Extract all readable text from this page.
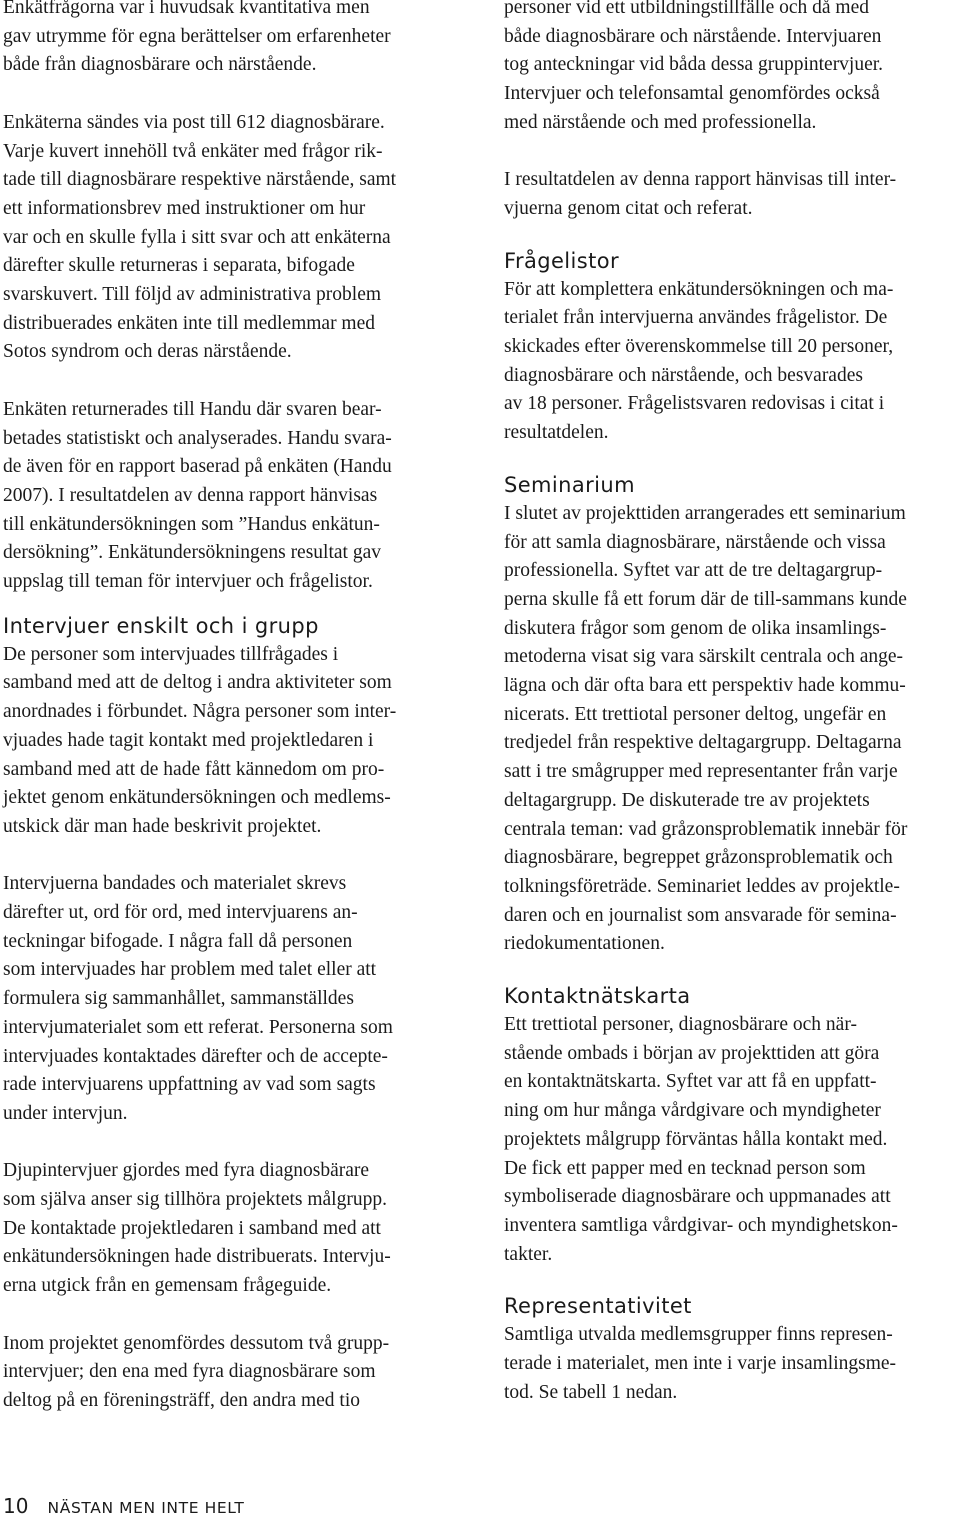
Enkätfrågorna var i huvudsak kvantitativa men
gav utrymme för egna berättelser om erfarenheter
både från diagnosbärare och närstående.

Enkäterna sändes via post till 612 diagnosbärare.
Varje kuvert innehöll två enkäter med frågor rik-
tade till diagnosbärare respektive närstående, samt
ett informationsbrev med instruktioner om hur
var och en skulle fylla i sitt svar och att enkäterna
därefter skulle returneras i separata, bifogade
svarskuvert. Till följd av administrativa problem
distribuerades enkäten inte till medlemmar med
Sotos syndrom och deras närstående.

Enkäten returnerades till Handu där svaren bear-
betades statistiskt och analyserades. Handu svara-
de även för en rapport baserad på enkäten (Handu
2007). I resultatdelen av denna rapport hänvisas
till enkätundersökningen som ”Handus enkätun-
dersökning”. Enkätundersökningens resultat gav
uppslag till teman för intervjuer och frågelistor.

Intervjuer enskilt och i grupp

De personer som intervjuades tillfrågades i
samband med att de deltog i andra aktiviteter som
anordnades i förbundet. Några personer som inter-
vjuades hade tagit kontakt med projektledaren i
samband med att de hade fått kännedom om pro-
jektet genom enkätundersökningen och medlems-
utskick där man hade beskrivit projektet.

Intervjuerna bandades och materialet skrevs
därefter ut, ord för ord, med intervjuarens an-
teckningar bifogade. I några fall då personen
som intervjuades har problem med talet eller att
formulera sig sammanhållet, sammanställdes
intervjumaterialet som ett referat. Personerna som
intervjuades kontaktades därefter och de accepte-
rade intervjuarens uppfattning av vad som sagts
under intervjun.

Djupintervjuer gjordes med fyra diagnosbärare
som själva anser sig tillhöra projektets målgrupp.
De kontaktade projektledaren i samband med att
enkätundersökningen hade distribuerats. Intervju-
erna utgick från en gemensam frågeguide.

Inom projektet genomfördes dessutom två grupp-
intervjuer; den ena med fyra diagnosbärare som
deltog på en föreningsträff, den andra med tio

personer vid ett utbildningstillfälle och då med
både diagnosbärare och närstående. Intervjuaren
tog anteckningar vid båda dessa gruppintervjuer.
Intervjuer och telefonsamtal genomfördes också
med närstående och med professionella.

I resultatdelen av denna rapport hänvisas till inter-
vjuerna genom citat och referat.

Frågelistor

För att komplettera enkätundersökningen och ma-
terialet från intervjuerna användes frågelistor. De
skickades efter överenskommelse till 20 personer,
diagnosbärare och närstående, och besvarades
av 18 personer. Frågelistsvaren redovisas i citat i
resultatdelen.

Seminarium

I slutet av projekttiden arrangerades ett seminarium
för att samla diagnosbärare, närstående och vissa
professionella. Syftet var att de tre deltagargrup-
perna skulle få ett forum där de till-sammans kunde
diskutera frågor som genom de olika insamlings-
metoderna visat sig vara särskilt centrala och ange-
lägna och där ofta bara ett perspektiv hade kommu-
nicerats. Ett trettiotal personer deltog, ungefär en
tredjedel från respektive deltagargrupp. Deltagarna
satt i tre smågrupper med representanter från varje
deltagargrupp. De diskuterade tre av projektets
centrala teman: vad gråzonsproblematik innebär för
diagnosbärare, begreppet gråzonsproblematik och
tolkningsföreträde. Seminariet leddes av projektle-
daren och en journalist som ansvarade för semina-
riedokumentationen.

Kontaktnätskarta

Ett trettiotal personer, diagnosbärare och när-
stående ombads i början av projekttiden att göra
en kontaktnätskarta. Syftet var att få en uppfatt-
ning om hur många vårdgivare och myndigheter
projektets målgrupp förväntas hålla kontakt med.
De fick ett papper med en tecknad person som
symboliserade diagnosbärare och uppmanades att
inventera samtliga vårdgivar- och myndighetskon-
takter.

Representativitet

Samtliga utvalda medlemsgrupper finns represen-
terade i materialet, men inte i varje insamlingsme-
tod. Se tabell 1 nedan.

10 NÄSTAN MEN INTE HELT
